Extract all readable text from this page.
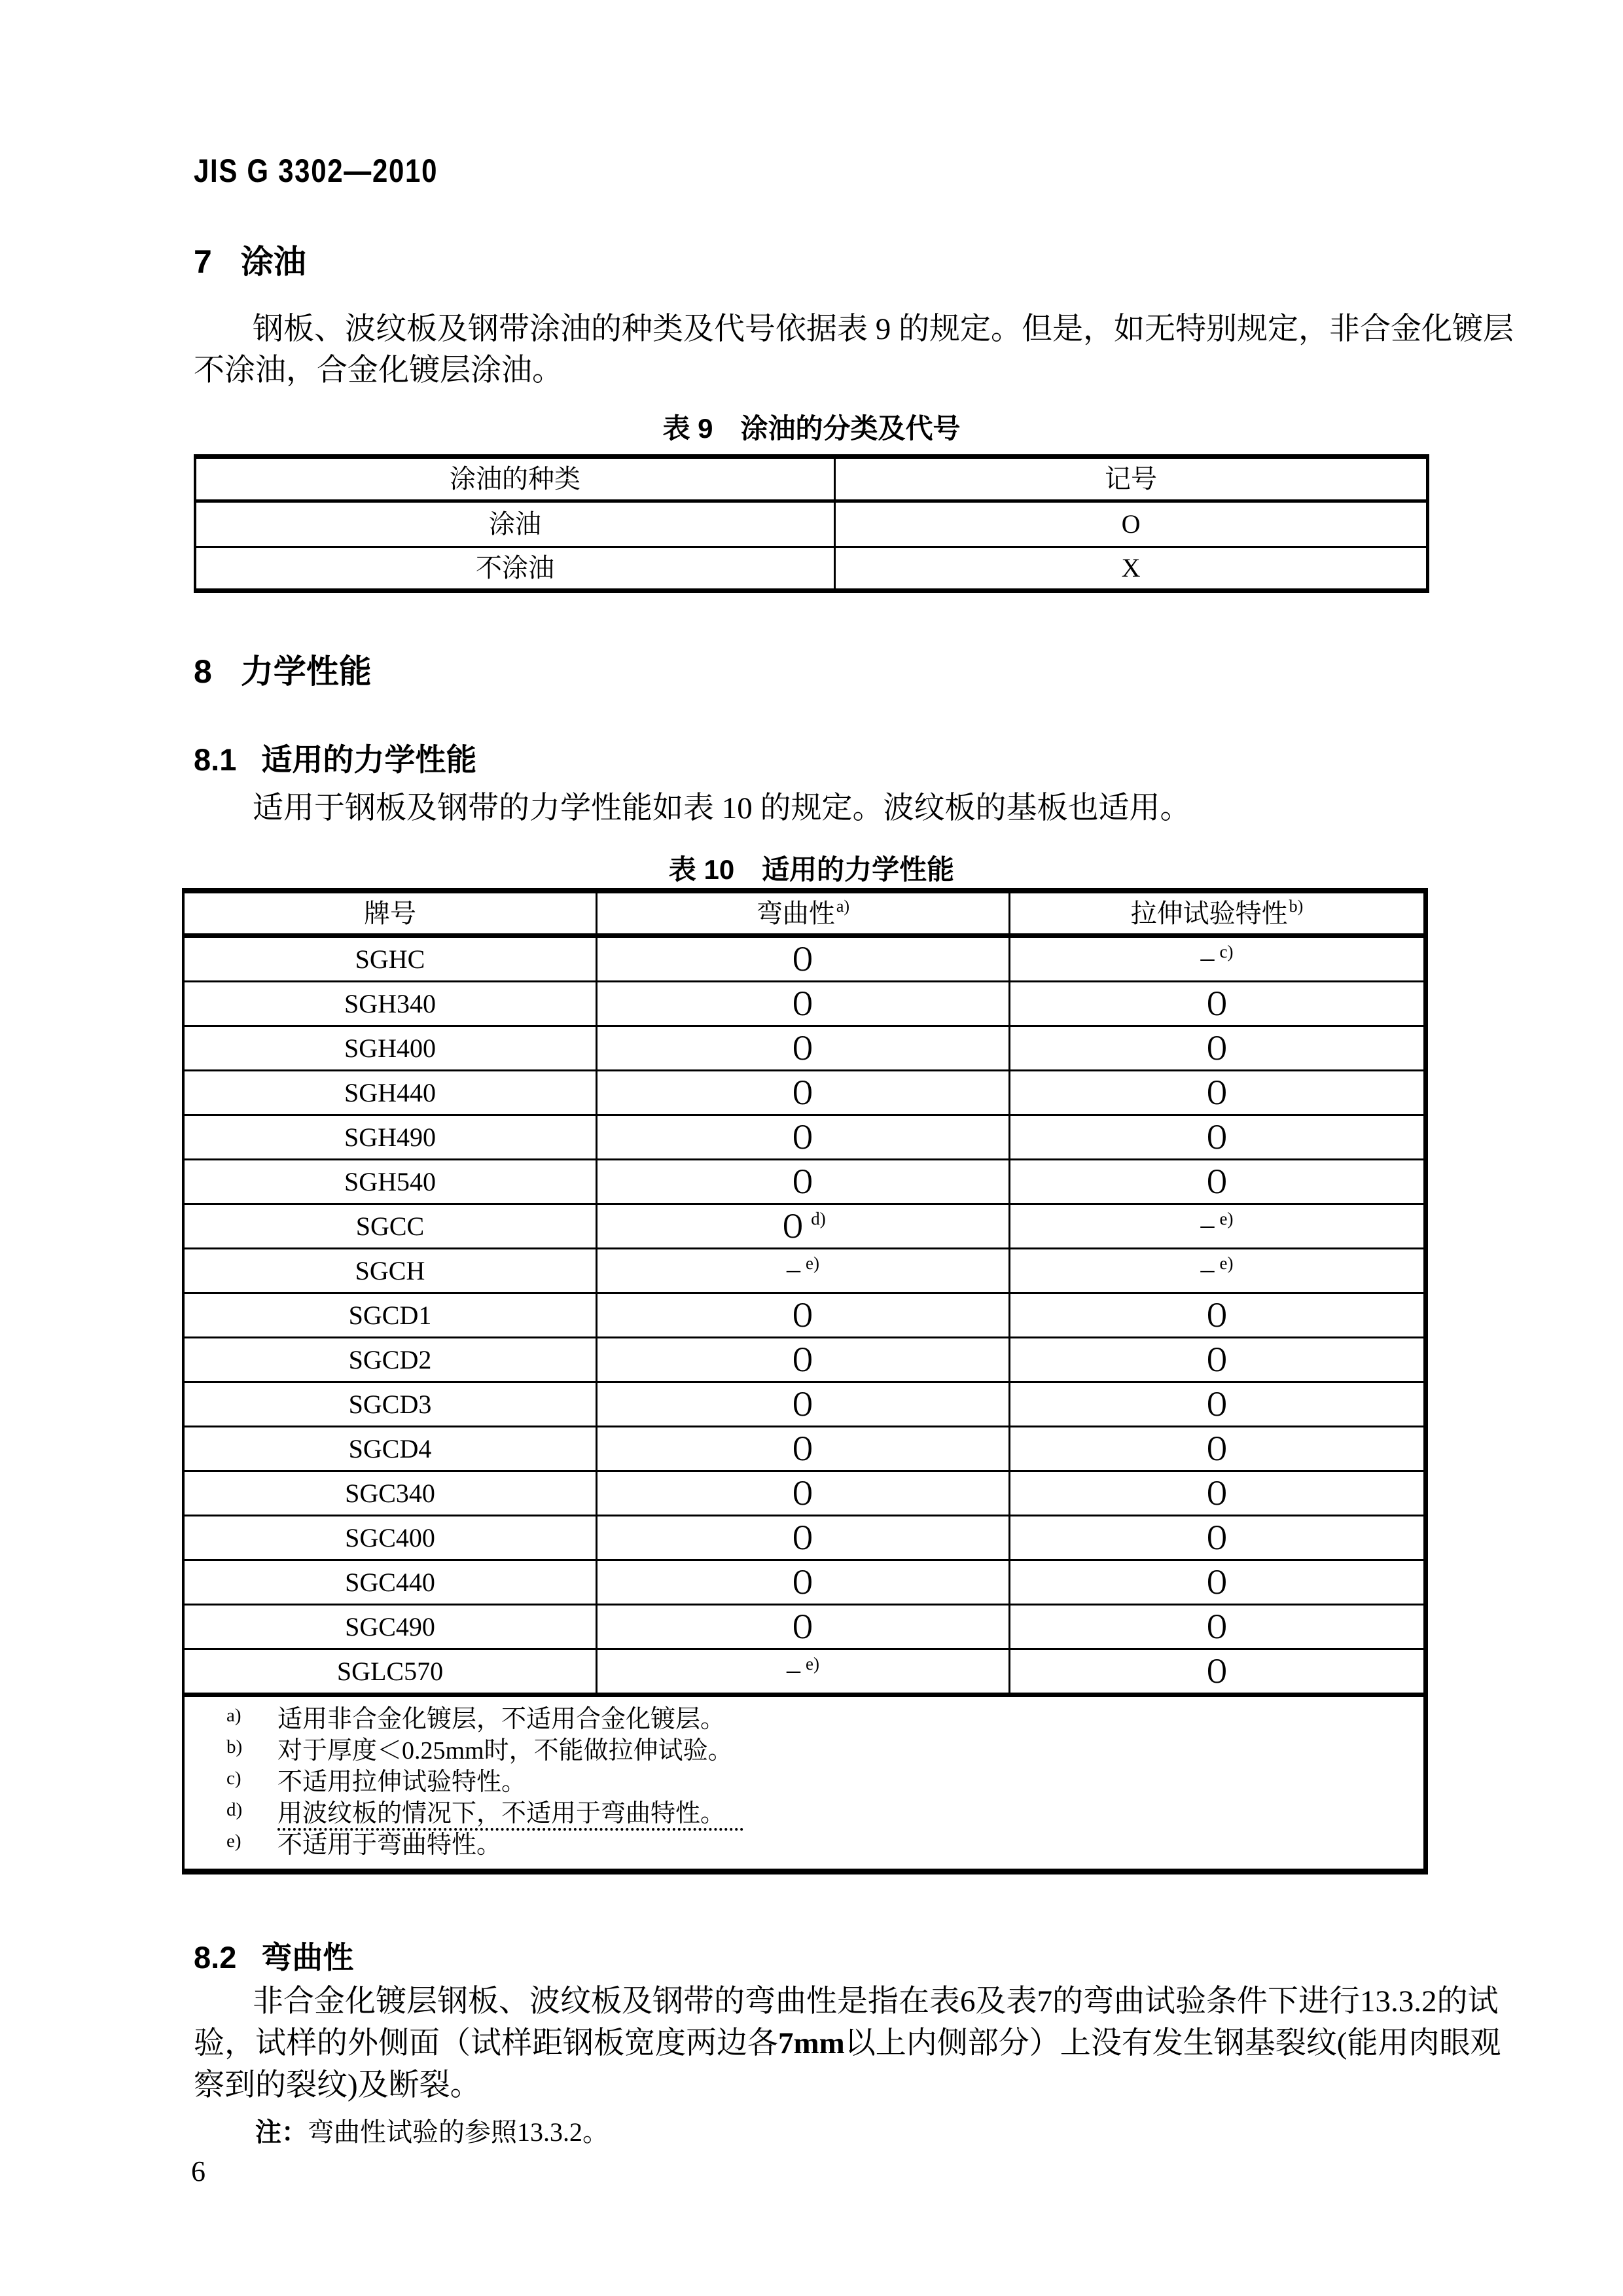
JIS G 3302—2010
7 涂油
钢板、波纹板及钢带涂油的种类及代号依据表 9 的规定。但是，如无特别规定，非合金化镀层
不涂油，合金化镀层涂油。
表 9　涂油的分类及代号
涂油的种类	记号
涂油	O
不涂油	X
8 力学性能
8.1 适用的力学性能
适用于钢板及钢带的力学性能如表 10 的规定。波纹板的基板也适用。
表 10　适用的力学性能
牌号	弯曲性$^{a)}$	拉伸试验特性$^{b)}$
SGHC	O	– $^{c)}$
SGH340	O	O
SGH400	O	O
SGH440	O	O
SGH490	O	O
SGH540	O	O
SGCC	O $^{d)}$	– $^{e)}$
SGCH	– $^{e)}$	– $^{e)}$
SGCD1	O	O
SGCD2	O	O
SGCD3	O	O
SGCD4	O	O
SGC340	O	O
SGC400	O	O
SGC440	O	O
SGC490	O	O
SGLC570	– $^{e)}$	O
a) 适用非合金化镀层，不适用合金化镀层。
b) 对于厚度＜0.25mm时，不能做拉伸试验。
c) 不适用拉伸试验特性。
d) 用波纹板的情况下，不适用于弯曲特性。
e) 不适用于弯曲特性。
8.2 弯曲性
非合金化镀层钢板、波纹板及钢带的弯曲性是指在表6及表7的弯曲试验条件下进行13.3.2的试
验，试样的外侧面（试样距钢板宽度两边各7mm以上内侧部分）上没有发生钢基裂纹(能用肉眼观
察到的裂纹)及断裂。
注：弯曲性试验的参照13.3.2。
6
